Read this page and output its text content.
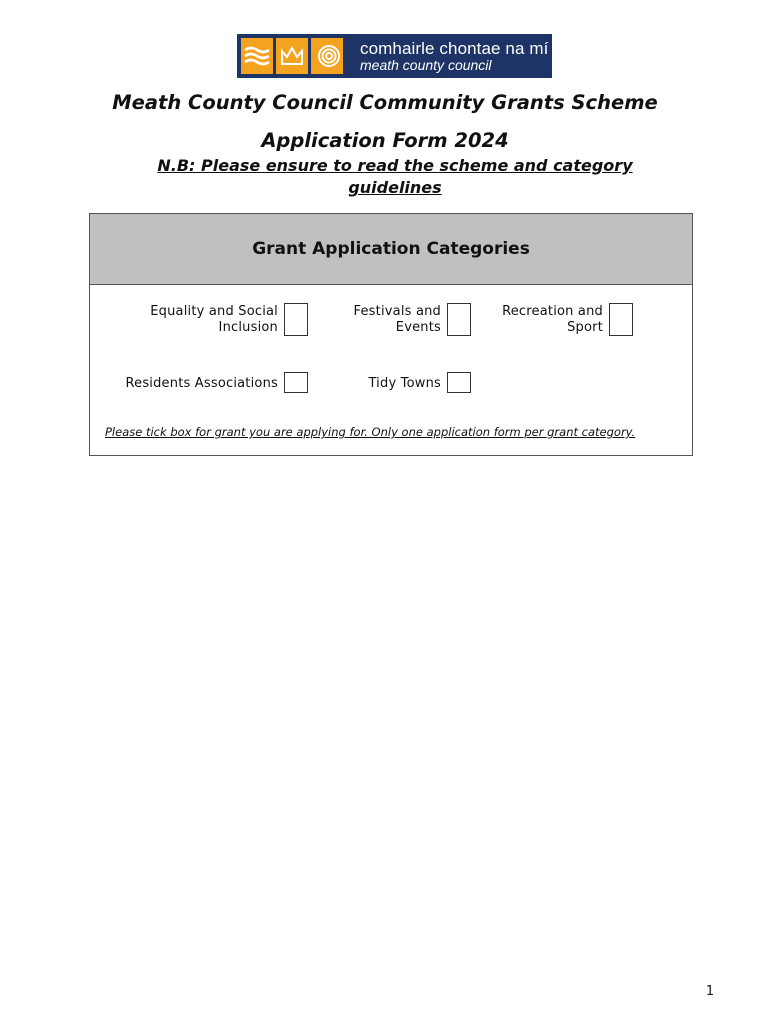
comhairle chontae na mí
meath county council
Meath County Council Community Grants Scheme
Application Form 2024

N.B: Please ensure to read the scheme and category guidelines

Grant Application Categories
Equality and Social
Inclusion
Festivals and
Events
Recreation and
Sport
Residents Associations	Tidy Towns
Please tick box for grant you are applying for. Only one application form per grant category.
1
